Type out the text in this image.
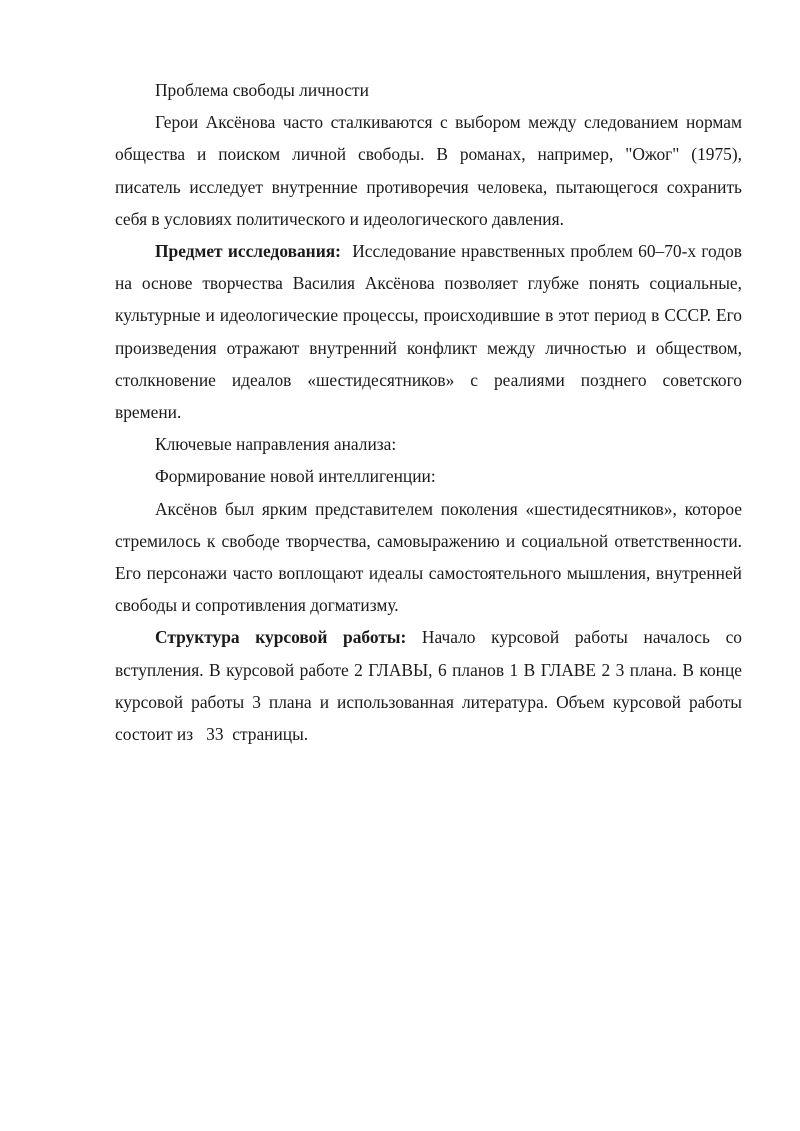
Проблема свободы личности

Герои Аксёнова часто сталкиваются с выбором между следованием нормам общества и поиском личной свободы. В романах, например, "Ожог" (1975), писатель исследует внутренние противоречия человека, пытающегося сохранить себя в условиях политического и идеологического давления.

Предмет исследования: Исследование нравственных проблем 60–70-х годов на основе творчества Василия Аксёнова позволяет глубже понять социальные, культурные и идеологические процессы, происходившие в этот период в СССР. Его произведения отражают внутренний конфликт между личностью и обществом, столкновение идеалов «шестидесятников» с реалиями позднего советского времени.

Ключевые направления анализа:

Формирование новой интеллигенции:

Аксёнов был ярким представителем поколения «шестидесятников», которое стремилось к свободе творчества, самовыражению и социальной ответственности. Его персонажи часто воплощают идеалы самостоятельного мышления, внутренней свободы и сопротивления догматизму.

Структура курсовой работы: Начало курсовой работы началось со вступления. В курсовой работе 2 ГЛАВЫ, 6 планов 1 В ГЛАВЕ 2 3 плана. В конце курсовой работы 3 плана и использованная литература. Объем курсовой работы состоит из 33 страницы.
